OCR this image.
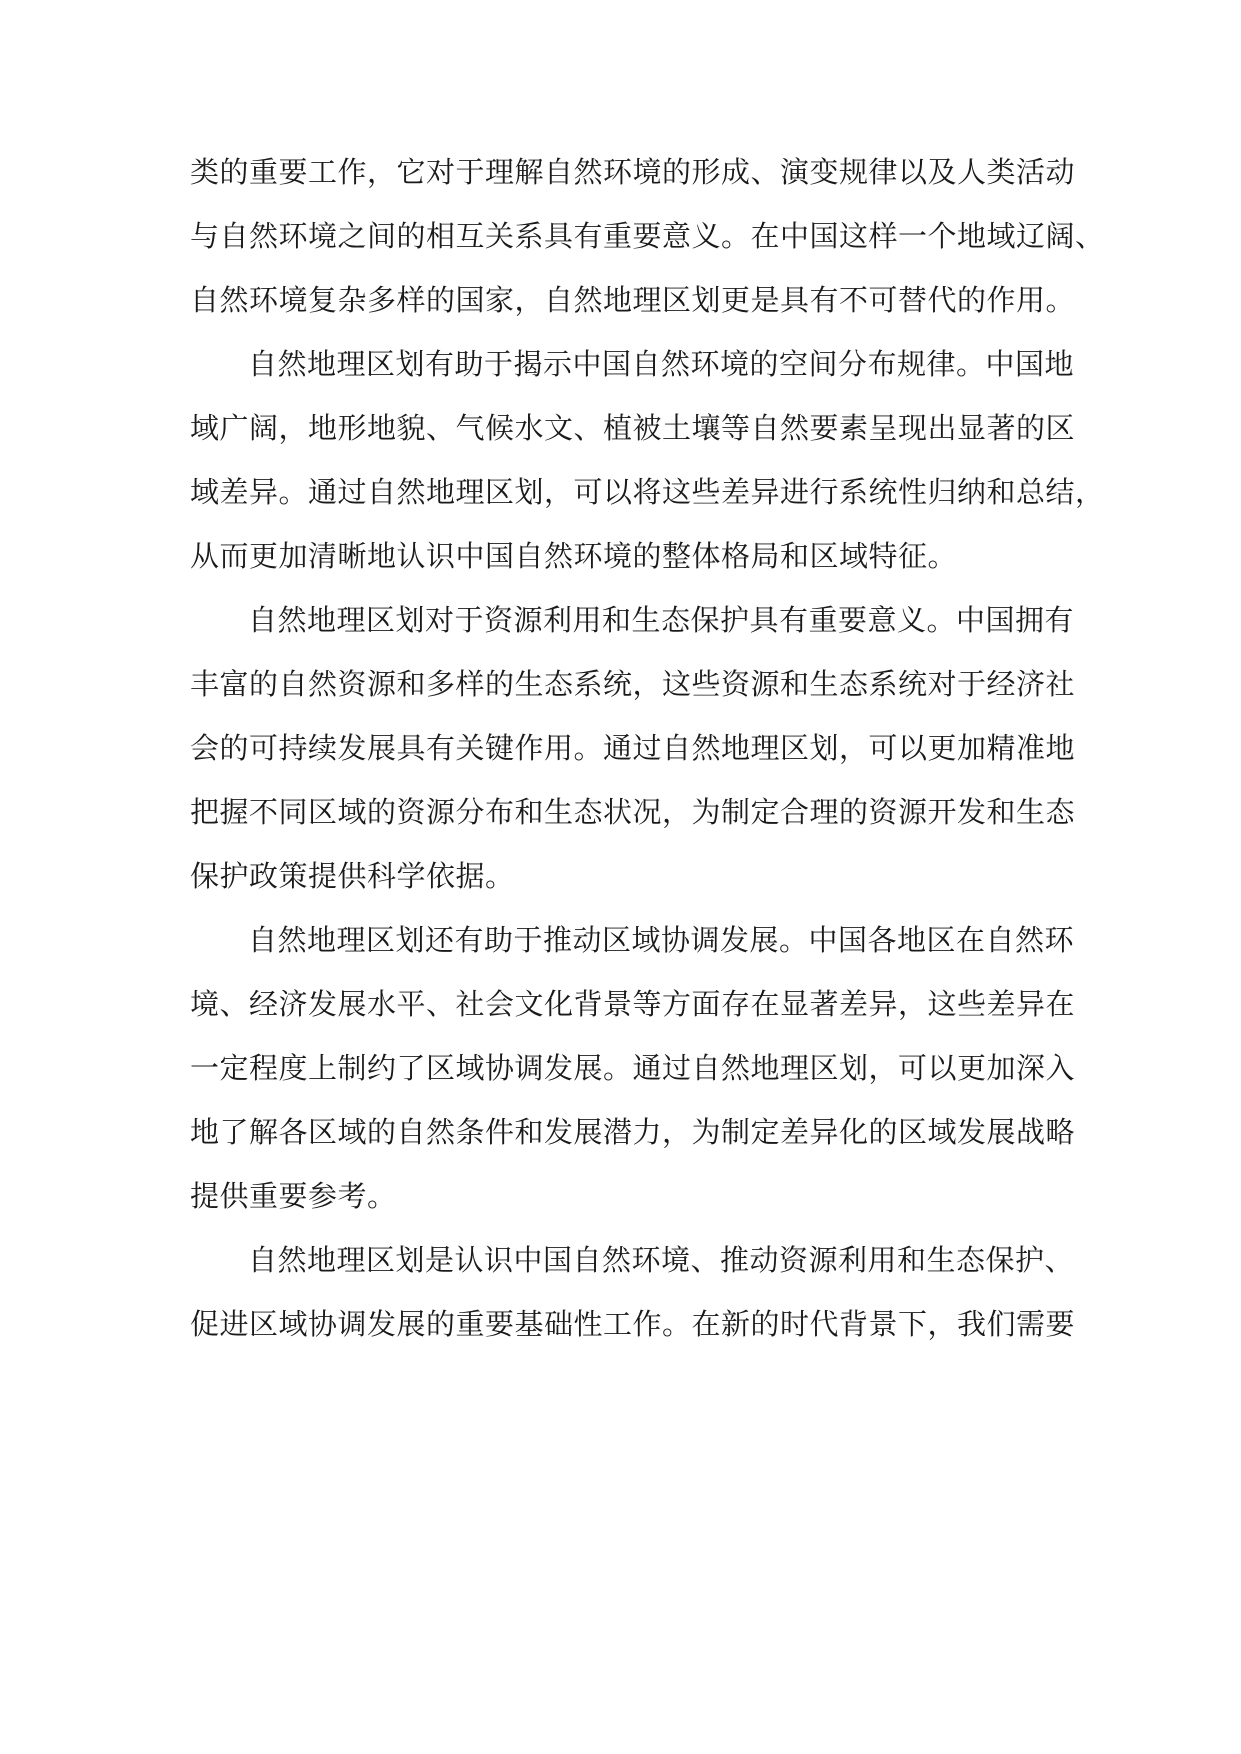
类的重要工作，它对于理解自然环境的形成、演变规律以及人类活动
与自然环境之间的相互关系具有重要意义。在中国这样一个地域辽阔、
自然环境复杂多样的国家，自然地理区划更是具有不可替代的作用。
自然地理区划有助于揭示中国自然环境的空间分布规律。中国地
域广阔，地形地貌、气候水文、植被土壤等自然要素呈现出显著的区
域差异。通过自然地理区划，可以将这些差异进行系统性归纳和总结，
从而更加清晰地认识中国自然环境的整体格局和区域特征。
自然地理区划对于资源利用和生态保护具有重要意义。中国拥有
丰富的自然资源和多样的生态系统，这些资源和生态系统对于经济社
会的可持续发展具有关键作用。通过自然地理区划，可以更加精准地
把握不同区域的资源分布和生态状况，为制定合理的资源开发和生态
保护政策提供科学依据。
自然地理区划还有助于推动区域协调发展。中国各地区在自然环
境、经济发展水平、社会文化背景等方面存在显著差异，这些差异在
一定程度上制约了区域协调发展。通过自然地理区划，可以更加深入
地了解各区域的自然条件和发展潜力，为制定差异化的区域发展战略
提供重要参考。
自然地理区划是认识中国自然环境、推动资源利用和生态保护、
促进区域协调发展的重要基础性工作。在新的时代背景下，我们需要
